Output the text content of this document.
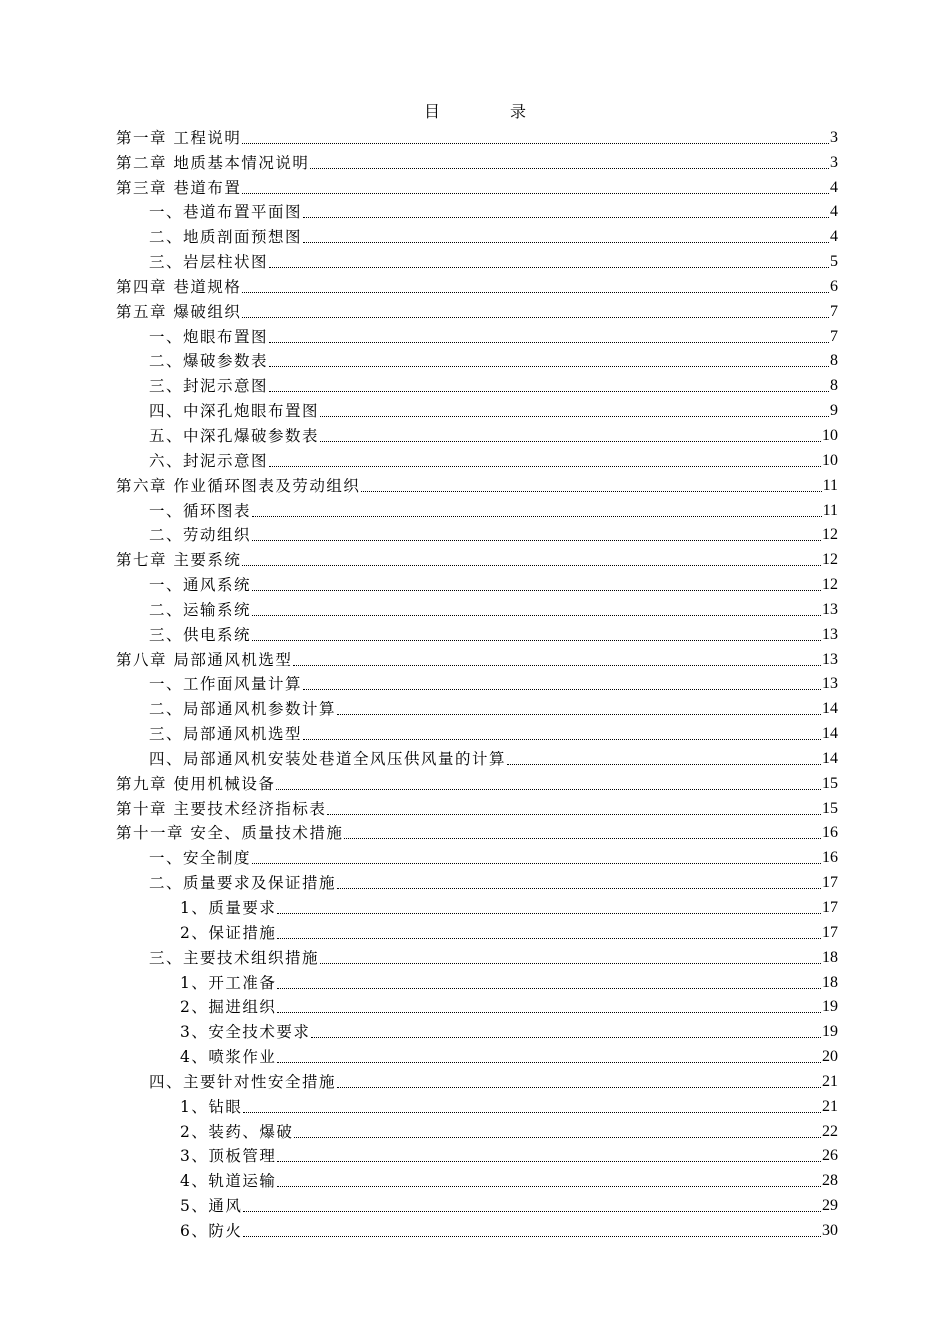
目	录
第一章 工程说明	3
第二章 地质基本情况说明	3
第三章 巷道布置	4
一、巷道布置平面图	4
二、地质剖面预想图	4
三、岩层柱状图	5
第四章 巷道规格	6
第五章 爆破组织	7
一、炮眼布置图	7
二、爆破参数表	8
三、封泥示意图	8
四、中深孔炮眼布置图	9
五、中深孔爆破参数表	10
六、封泥示意图	10
第六章 作业循环图表及劳动组织	11
一、循环图表	11
二、劳动组织	12
第七章 主要系统	12
一、通风系统	12
二、运输系统	13
三、供电系统	13
第八章 局部通风机选型	13
一、工作面风量计算	13
二、局部通风机参数计算	14
三、局部通风机选型	14
四、局部通风机安装处巷道全风压供风量的计算	14
第九章 使用机械设备	15
第十章 主要技术经济指标表	15
第十一章 安全、质量技术措施	16
一、安全制度	16
二、质量要求及保证措施	17
1、质量要求	17
2、保证措施	17
三、主要技术组织措施	18
1、开工准备	18
2、掘进组织	19
3、安全技术要求	19
4、喷浆作业	20
四、主要针对性安全措施	21
1、钻眼	21
2、装药、爆破	22
3、顶板管理	26
4、轨道运输	28
5、通风	29
6、防火	30
